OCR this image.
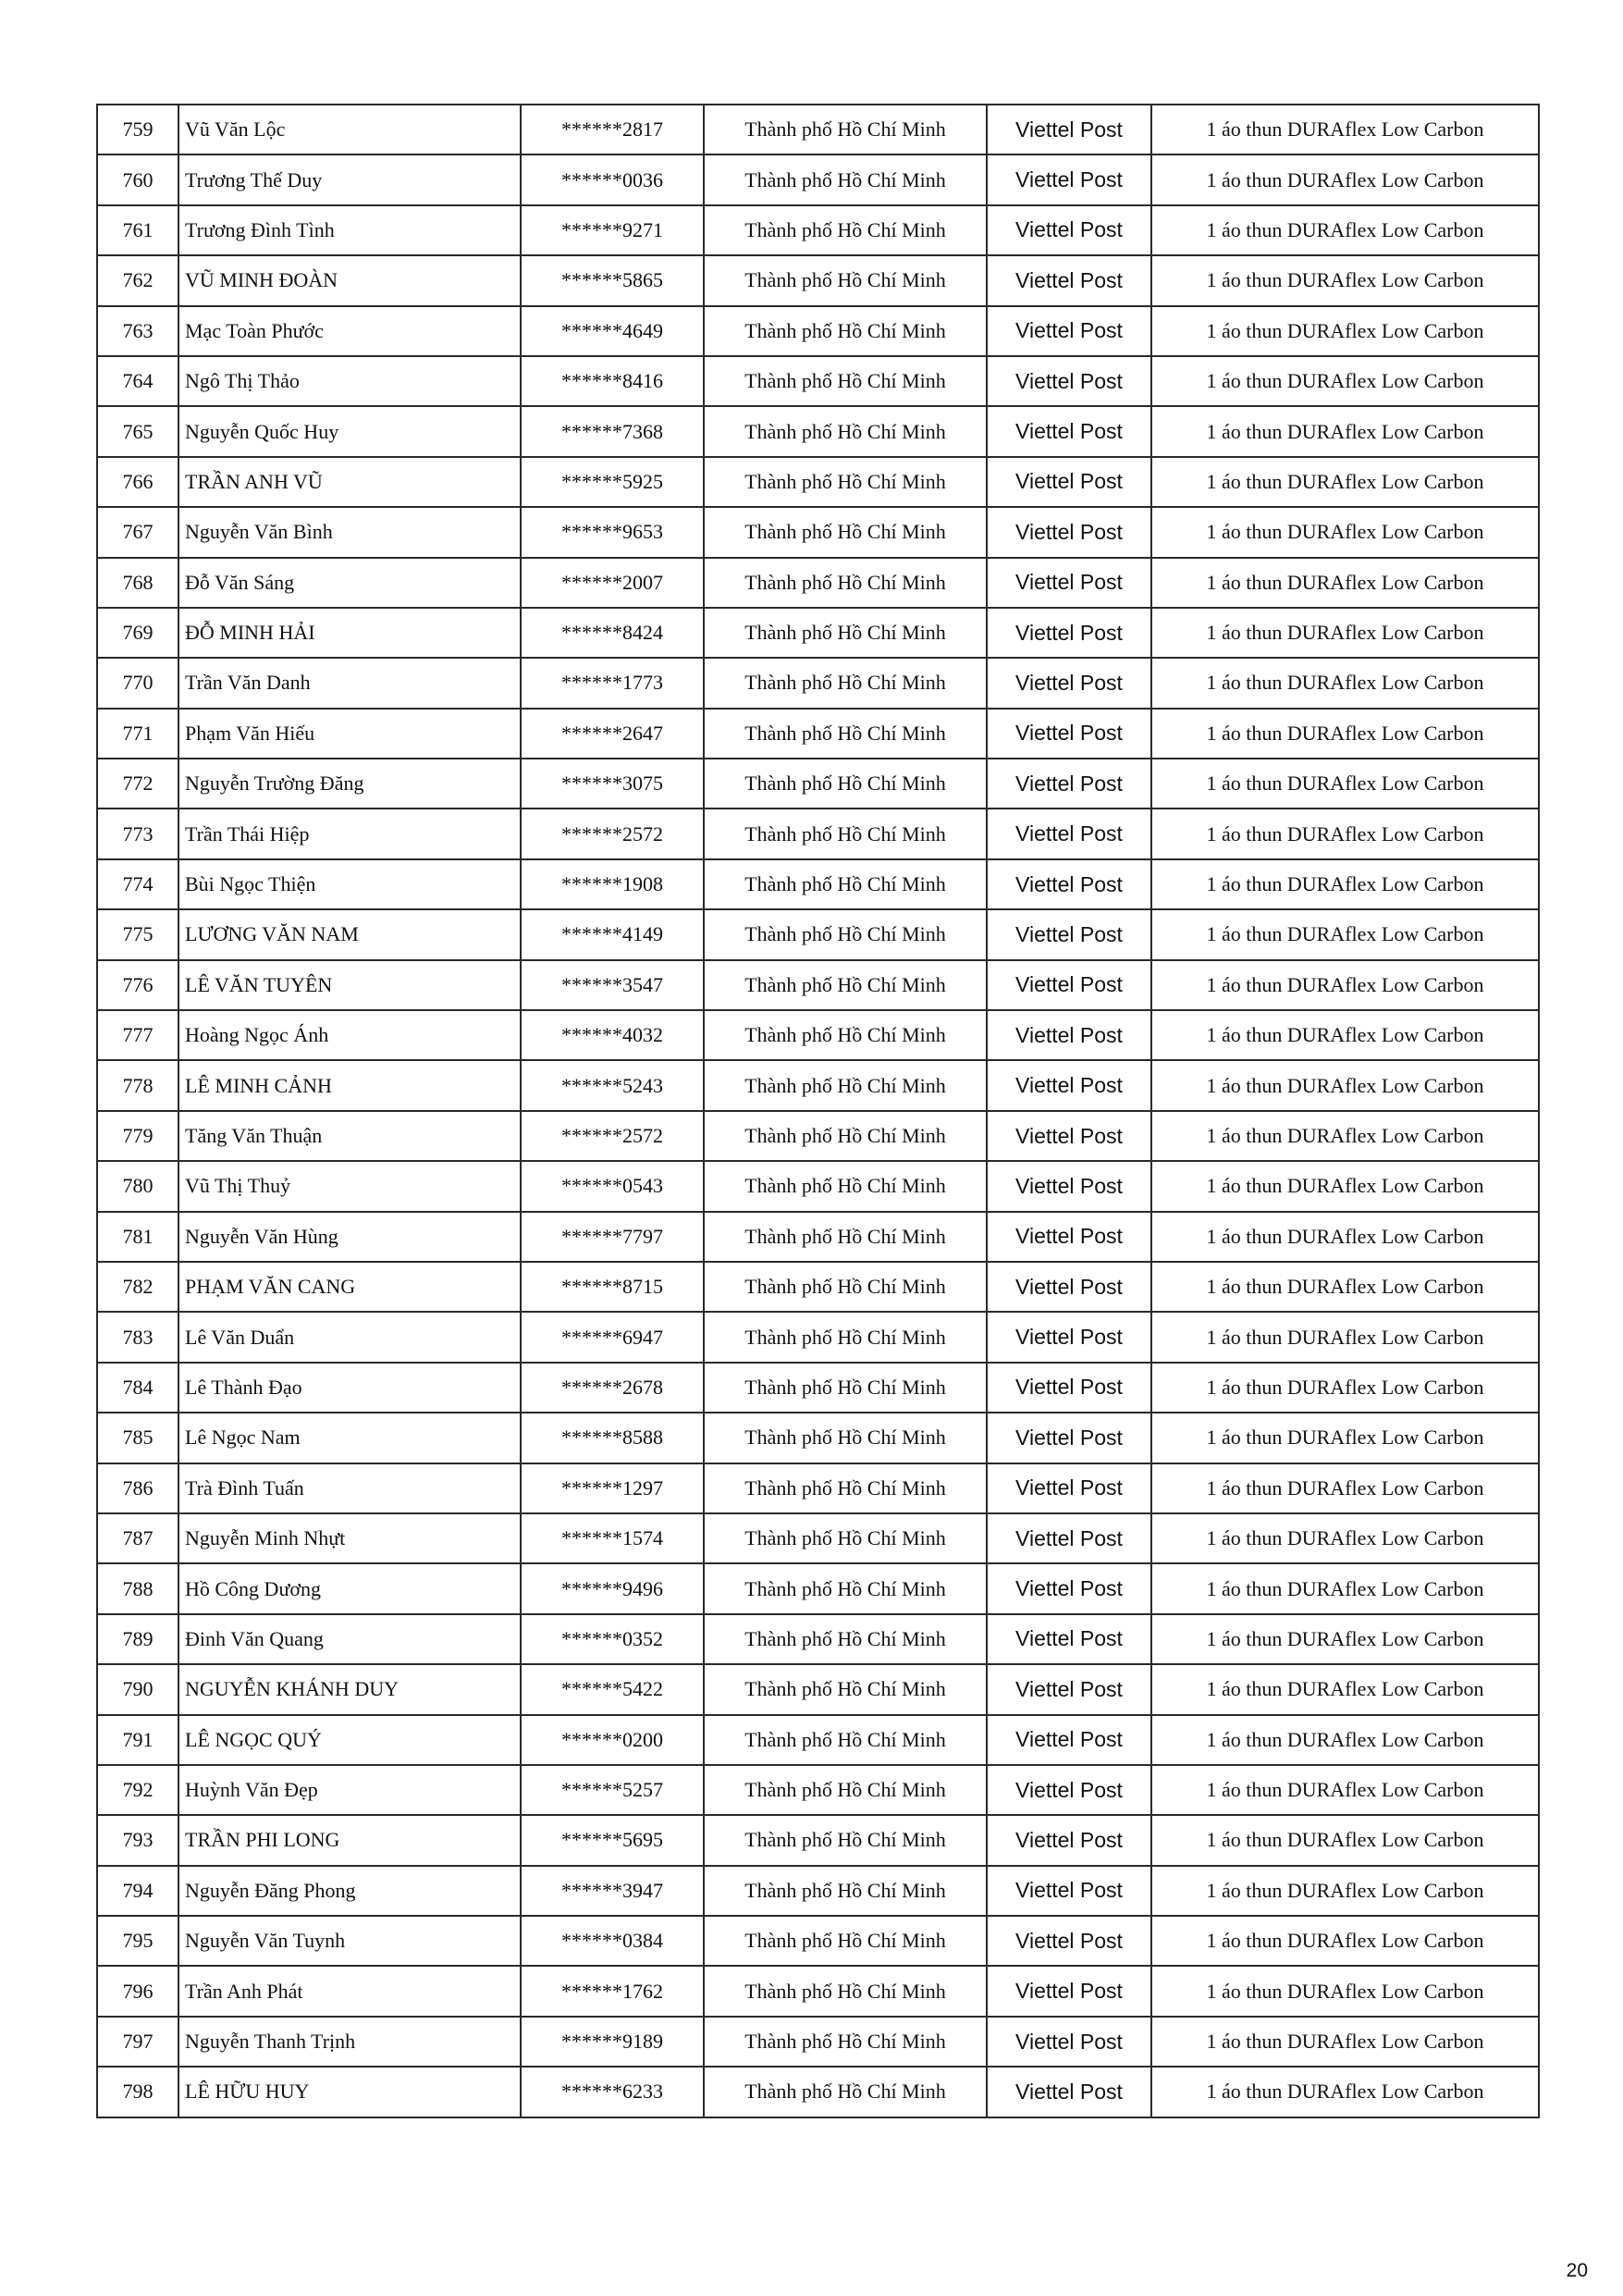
759	Vũ Văn Lộc	******2817	Thành phố Hồ Chí Minh	Viettel Post	1 áo thun DURAflex Low Carbon
760	Trương Thế Duy	******0036	Thành phố Hồ Chí Minh	Viettel Post	1 áo thun DURAflex Low Carbon
761	Trương Đình Tình	******9271	Thành phố Hồ Chí Minh	Viettel Post	1 áo thun DURAflex Low Carbon
762	VŨ MINH ĐOÀN	******5865	Thành phố Hồ Chí Minh	Viettel Post	1 áo thun DURAflex Low Carbon
763	Mạc Toàn Phước	******4649	Thành phố Hồ Chí Minh	Viettel Post	1 áo thun DURAflex Low Carbon
764	Ngô Thị Thảo	******8416	Thành phố Hồ Chí Minh	Viettel Post	1 áo thun DURAflex Low Carbon
765	Nguyễn Quốc Huy	******7368	Thành phố Hồ Chí Minh	Viettel Post	1 áo thun DURAflex Low Carbon
766	TRẦN ANH VŨ	******5925	Thành phố Hồ Chí Minh	Viettel Post	1 áo thun DURAflex Low Carbon
767	Nguyễn Văn Bình	******9653	Thành phố Hồ Chí Minh	Viettel Post	1 áo thun DURAflex Low Carbon
768	Đỗ Văn Sáng	******2007	Thành phố Hồ Chí Minh	Viettel Post	1 áo thun DURAflex Low Carbon
769	ĐỖ MINH HẢI	******8424	Thành phố Hồ Chí Minh	Viettel Post	1 áo thun DURAflex Low Carbon
770	Trần Văn Danh	******1773	Thành phố Hồ Chí Minh	Viettel Post	1 áo thun DURAflex Low Carbon
771	Phạm Văn Hiếu	******2647	Thành phố Hồ Chí Minh	Viettel Post	1 áo thun DURAflex Low Carbon
772	Nguyễn Trường Đăng	******3075	Thành phố Hồ Chí Minh	Viettel Post	1 áo thun DURAflex Low Carbon
773	Trần Thái Hiệp	******2572	Thành phố Hồ Chí Minh	Viettel Post	1 áo thun DURAflex Low Carbon
774	Bùi Ngọc Thiện	******1908	Thành phố Hồ Chí Minh	Viettel Post	1 áo thun DURAflex Low Carbon
775	LƯƠNG VĂN NAM	******4149	Thành phố Hồ Chí Minh	Viettel Post	1 áo thun DURAflex Low Carbon
776	LÊ VĂN TUYÊN	******3547	Thành phố Hồ Chí Minh	Viettel Post	1 áo thun DURAflex Low Carbon
777	Hoàng Ngọc Ánh	******4032	Thành phố Hồ Chí Minh	Viettel Post	1 áo thun DURAflex Low Carbon
778	LÊ MINH CẢNH	******5243	Thành phố Hồ Chí Minh	Viettel Post	1 áo thun DURAflex Low Carbon
779	Tăng Văn Thuận	******2572	Thành phố Hồ Chí Minh	Viettel Post	1 áo thun DURAflex Low Carbon
780	Vũ Thị Thuỷ	******0543	Thành phố Hồ Chí Minh	Viettel Post	1 áo thun DURAflex Low Carbon
781	Nguyễn Văn Hùng	******7797	Thành phố Hồ Chí Minh	Viettel Post	1 áo thun DURAflex Low Carbon
782	PHẠM VĂN CANG	******8715	Thành phố Hồ Chí Minh	Viettel Post	1 áo thun DURAflex Low Carbon
783	Lê Văn Duẩn	******6947	Thành phố Hồ Chí Minh	Viettel Post	1 áo thun DURAflex Low Carbon
784	Lê Thành Đạo	******2678	Thành phố Hồ Chí Minh	Viettel Post	1 áo thun DURAflex Low Carbon
785	Lê Ngọc Nam	******8588	Thành phố Hồ Chí Minh	Viettel Post	1 áo thun DURAflex Low Carbon
786	Trà Đình Tuấn	******1297	Thành phố Hồ Chí Minh	Viettel Post	1 áo thun DURAflex Low Carbon
787	Nguyễn Minh Nhựt	******1574	Thành phố Hồ Chí Minh	Viettel Post	1 áo thun DURAflex Low Carbon
788	Hồ Công Dương	******9496	Thành phố Hồ Chí Minh	Viettel Post	1 áo thun DURAflex Low Carbon
789	Đinh Văn Quang	******0352	Thành phố Hồ Chí Minh	Viettel Post	1 áo thun DURAflex Low Carbon
790	NGUYỄN KHÁNH DUY	******5422	Thành phố Hồ Chí Minh	Viettel Post	1 áo thun DURAflex Low Carbon
791	LÊ NGỌC QUÝ	******0200	Thành phố Hồ Chí Minh	Viettel Post	1 áo thun DURAflex Low Carbon
792	Huỳnh Văn Đẹp	******5257	Thành phố Hồ Chí Minh	Viettel Post	1 áo thun DURAflex Low Carbon
793	TRẦN PHI LONG	******5695	Thành phố Hồ Chí Minh	Viettel Post	1 áo thun DURAflex Low Carbon
794	Nguyễn Đăng Phong	******3947	Thành phố Hồ Chí Minh	Viettel Post	1 áo thun DURAflex Low Carbon
795	Nguyễn Văn Tuynh	******0384	Thành phố Hồ Chí Minh	Viettel Post	1 áo thun DURAflex Low Carbon
796	Trần Anh Phát	******1762	Thành phố Hồ Chí Minh	Viettel Post	1 áo thun DURAflex Low Carbon
797	Nguyễn Thanh Trịnh	******9189	Thành phố Hồ Chí Minh	Viettel Post	1 áo thun DURAflex Low Carbon
798	LÊ HỮU HUY	******6233	Thành phố Hồ Chí Minh	Viettel Post	1 áo thun DURAflex Low Carbon
20
